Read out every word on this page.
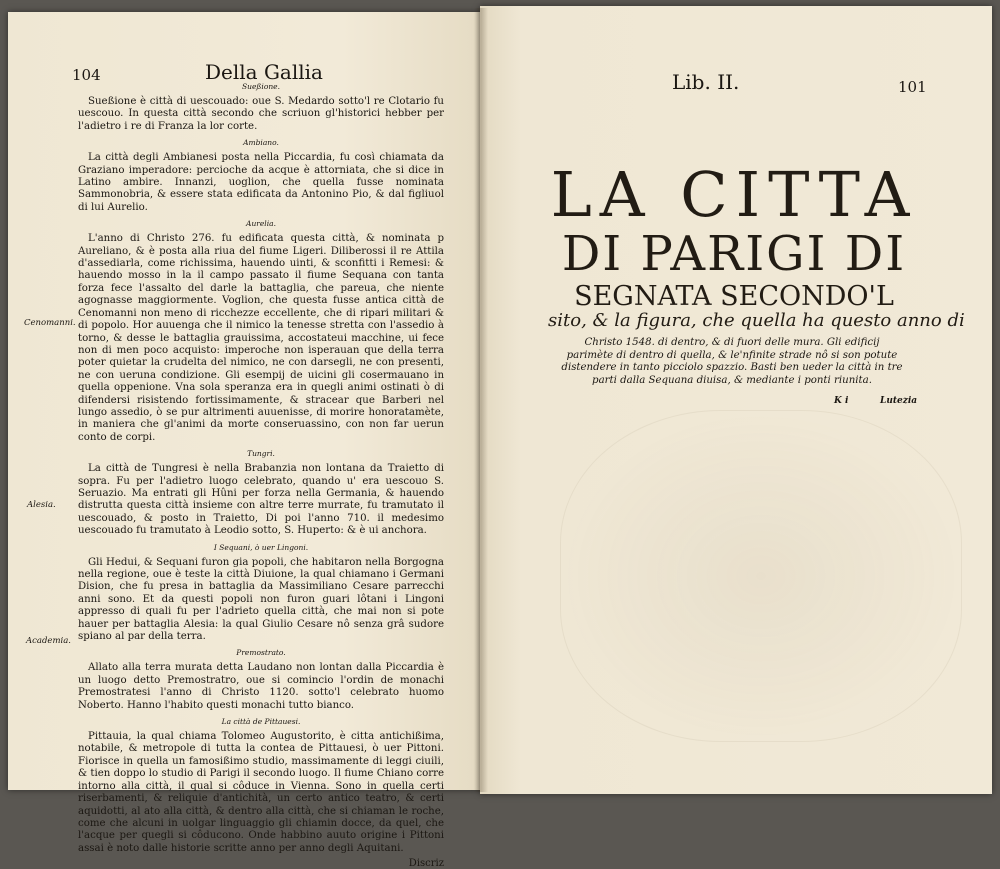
104	Della Gallia

Sueßione.

Sueßione è città di uescouado: oue S. Medardo sotto'l re Clotario fu uescouo. In questa città secondo che scriuon gl'historici hebber per l'adietro i re di Franza la lor corte.

Ambiano.

La città degli Ambianesi posta nella Piccardia, fu così chiamata da Graziano imperadore: percioche da acque è attorniata, che si dice in Latino ambire. Innanzi, uoglion, che quella fusse nominata Sammonobria, & essere stata edificata da Antonino Pio, & dal figliuol di lui Aurelio.

Aurelia.

L'anno di Christo 276. fu edificata questa città, & nominata p Aureliano, & è posta alla riua del fiume Ligeri. Diliberossi il re Attila d'assediarla, come richissima, hauendo uinti, & sconfitti i Remesi: & hauendo mosso in la il campo passato il fiume Sequana con tanta forza fece l'assalto del darle la battaglia, che pareua, che niente agognasse maggiormente. Voglion, che questa fusse antica città de Cenomanni non meno di ricchezze eccellente, che di ripari militari & di popolo. Hor auuenga che il nimico la tenesse stretta con l'assedio à torno, & desse le battaglia grauissima, accostateui macchine, ui fece non di men poco acquisto: imperoche non isperauan que della terra poter quietar la crudelta del nimico, ne con darsegli, ne con presenti, ne con ueruna condizione. Gli esempij de uicini gli cosermauano in quella oppenione. Vna sola speranza era in quegli animi ostinati ò di difendersi risistendo fortissimamente, & stracear que Barberi nel lungo assedio, ò se pur altrimenti auuenisse, di morire honoratamète, in maniera che gl'animi da morte conseruassino, con non far uerun conto de corpi.

Tungri.

La città de Tungresi è nella Brabanzia non lontana da Traietto di sopra. Fu per l'adietro luogo celebrato, quando u' era uescouo S. Seruazio. Ma entrati gli Hûni per forza nella Germania, & hauendo distrutta questa città insieme con altre terre murrate, fu tramutato il uescouado, & posto in Traietto, Di poi l'anno 710. il medesimo uescouado fu tramutato à Leodio sotto, S. Huperto: & è ui anchora.

I Sequani, ò uer Lingoni.

Gli Hedui, & Sequani furon gia popoli, che habitaron nella Borgogna nella regione, oue è teste la città Diuione, la qual chiamano i Germani Dision, che fu presa in battaglia da Massimiliano Cesare parrecchi anni sono. Et da questi popoli non furon guari lôtani i Lingoni appresso di quali fu per l'adrieto quella città, che mai non si pote hauer per battaglia Alesia: la qual Giulio Cesare nô senza grâ sudore spiano al par della terra.

Premostrato.

Allato alla terra murata detta Laudano non lontan dalla Piccardia è un luogo detto Premostratro, oue si comincio l'ordin de monachi Premostratesi l'anno di Christo 1120. sotto'l celebrato huomo Noberto. Hanno l'habito questi monachi tutto bianco.

La città de Pittauesi.

Pittauia, la qual chiama Tolomeo Augustorito, è citta antichißima, notabile, & metropole di tutta la contea de Pittauesi, ò uer Pittoni. Fiorisce in quella un famosißimo studio, massimamente di leggi ciuili, & tien doppo lo studio di Parigi il secondo luogo. Il fiume Chiano corre intorno alla città, il qual si côduce in Vienna. Sono in quella certi riserbamenti, & reliquie d'antichità, un certo antico teatro, & certi aquidotti, al ato alla città, & dentro alla città, che si chiaman le roche, come che alcuni in uolgar linguaggio gli chiamin docce, da quel, che l'acque per quegli si côducono. Onde habbino auuto origine i Pittoni assai è noto dalle historie scritte anno per anno degli Aquitani.

Discriz
Cenomanni.
Alesia.
Academia.
Lib. II.	101
LA CITTA
DI PARIGI DI
SEGNATA SECONDO'L
sito, & la figura, che quella ha questo anno di
Christo 1548. di dentro, & di fuori delle mura. Gli edificij parimète di dentro di quella, & le'nfinite strade nô si son potute distendere in tanto picciolo spazzio. Basti ben ueder la città in tre parti dalla Sequana diuisa, & mediante i ponti riunita.
K i	Lutezia
